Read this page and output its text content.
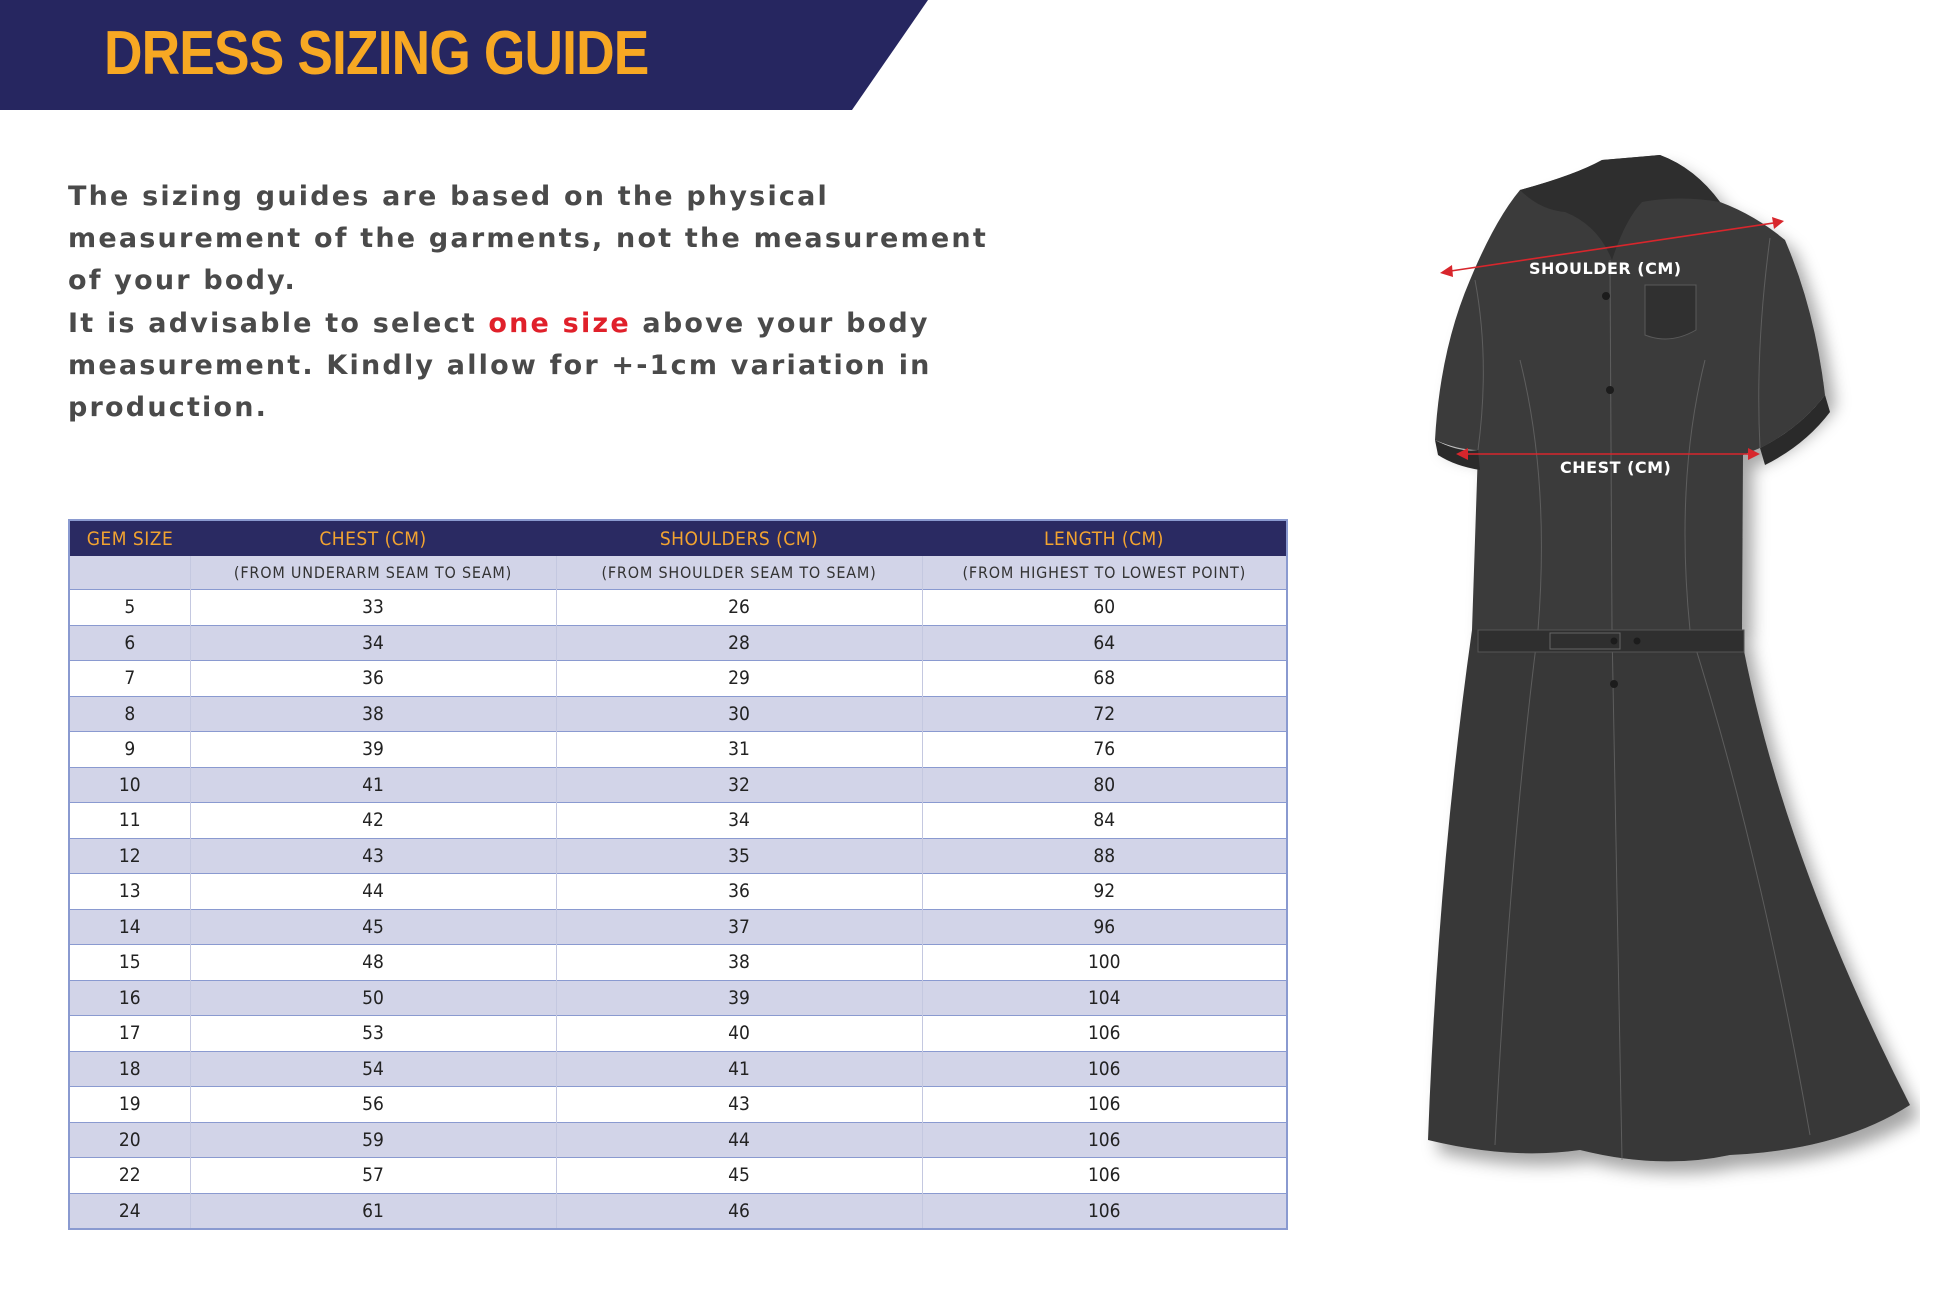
DRESS SIZING GUIDE

The sizing guides are based on the physical measurement of the garments, not the measurement of your body.

It is advisable to select one size above your body measurement. Kindly allow for +-1cm variation in production.

GEM SIZE	CHEST (CM)	SHOULDERS (CM)	LENGTH (CM)
	(FROM UNDERARM SEAM TO SEAM)	(FROM SHOULDER SEAM TO SEAM)	(FROM HIGHEST TO LOWEST POINT)
5	33	26	60
6	34	28	64
7	36	29	68
8	38	30	72
9	39	31	76
10	41	32	80
11	42	34	84
12	43	35	88
13	44	36	92
14	45	37	96
15	48	38	100
16	50	39	104
17	53	40	106
18	54	41	106
19	56	43	106
20	59	44	106
22	57	45	106
24	61	46	106
SHOULDER (CM)
CHEST (CM)
